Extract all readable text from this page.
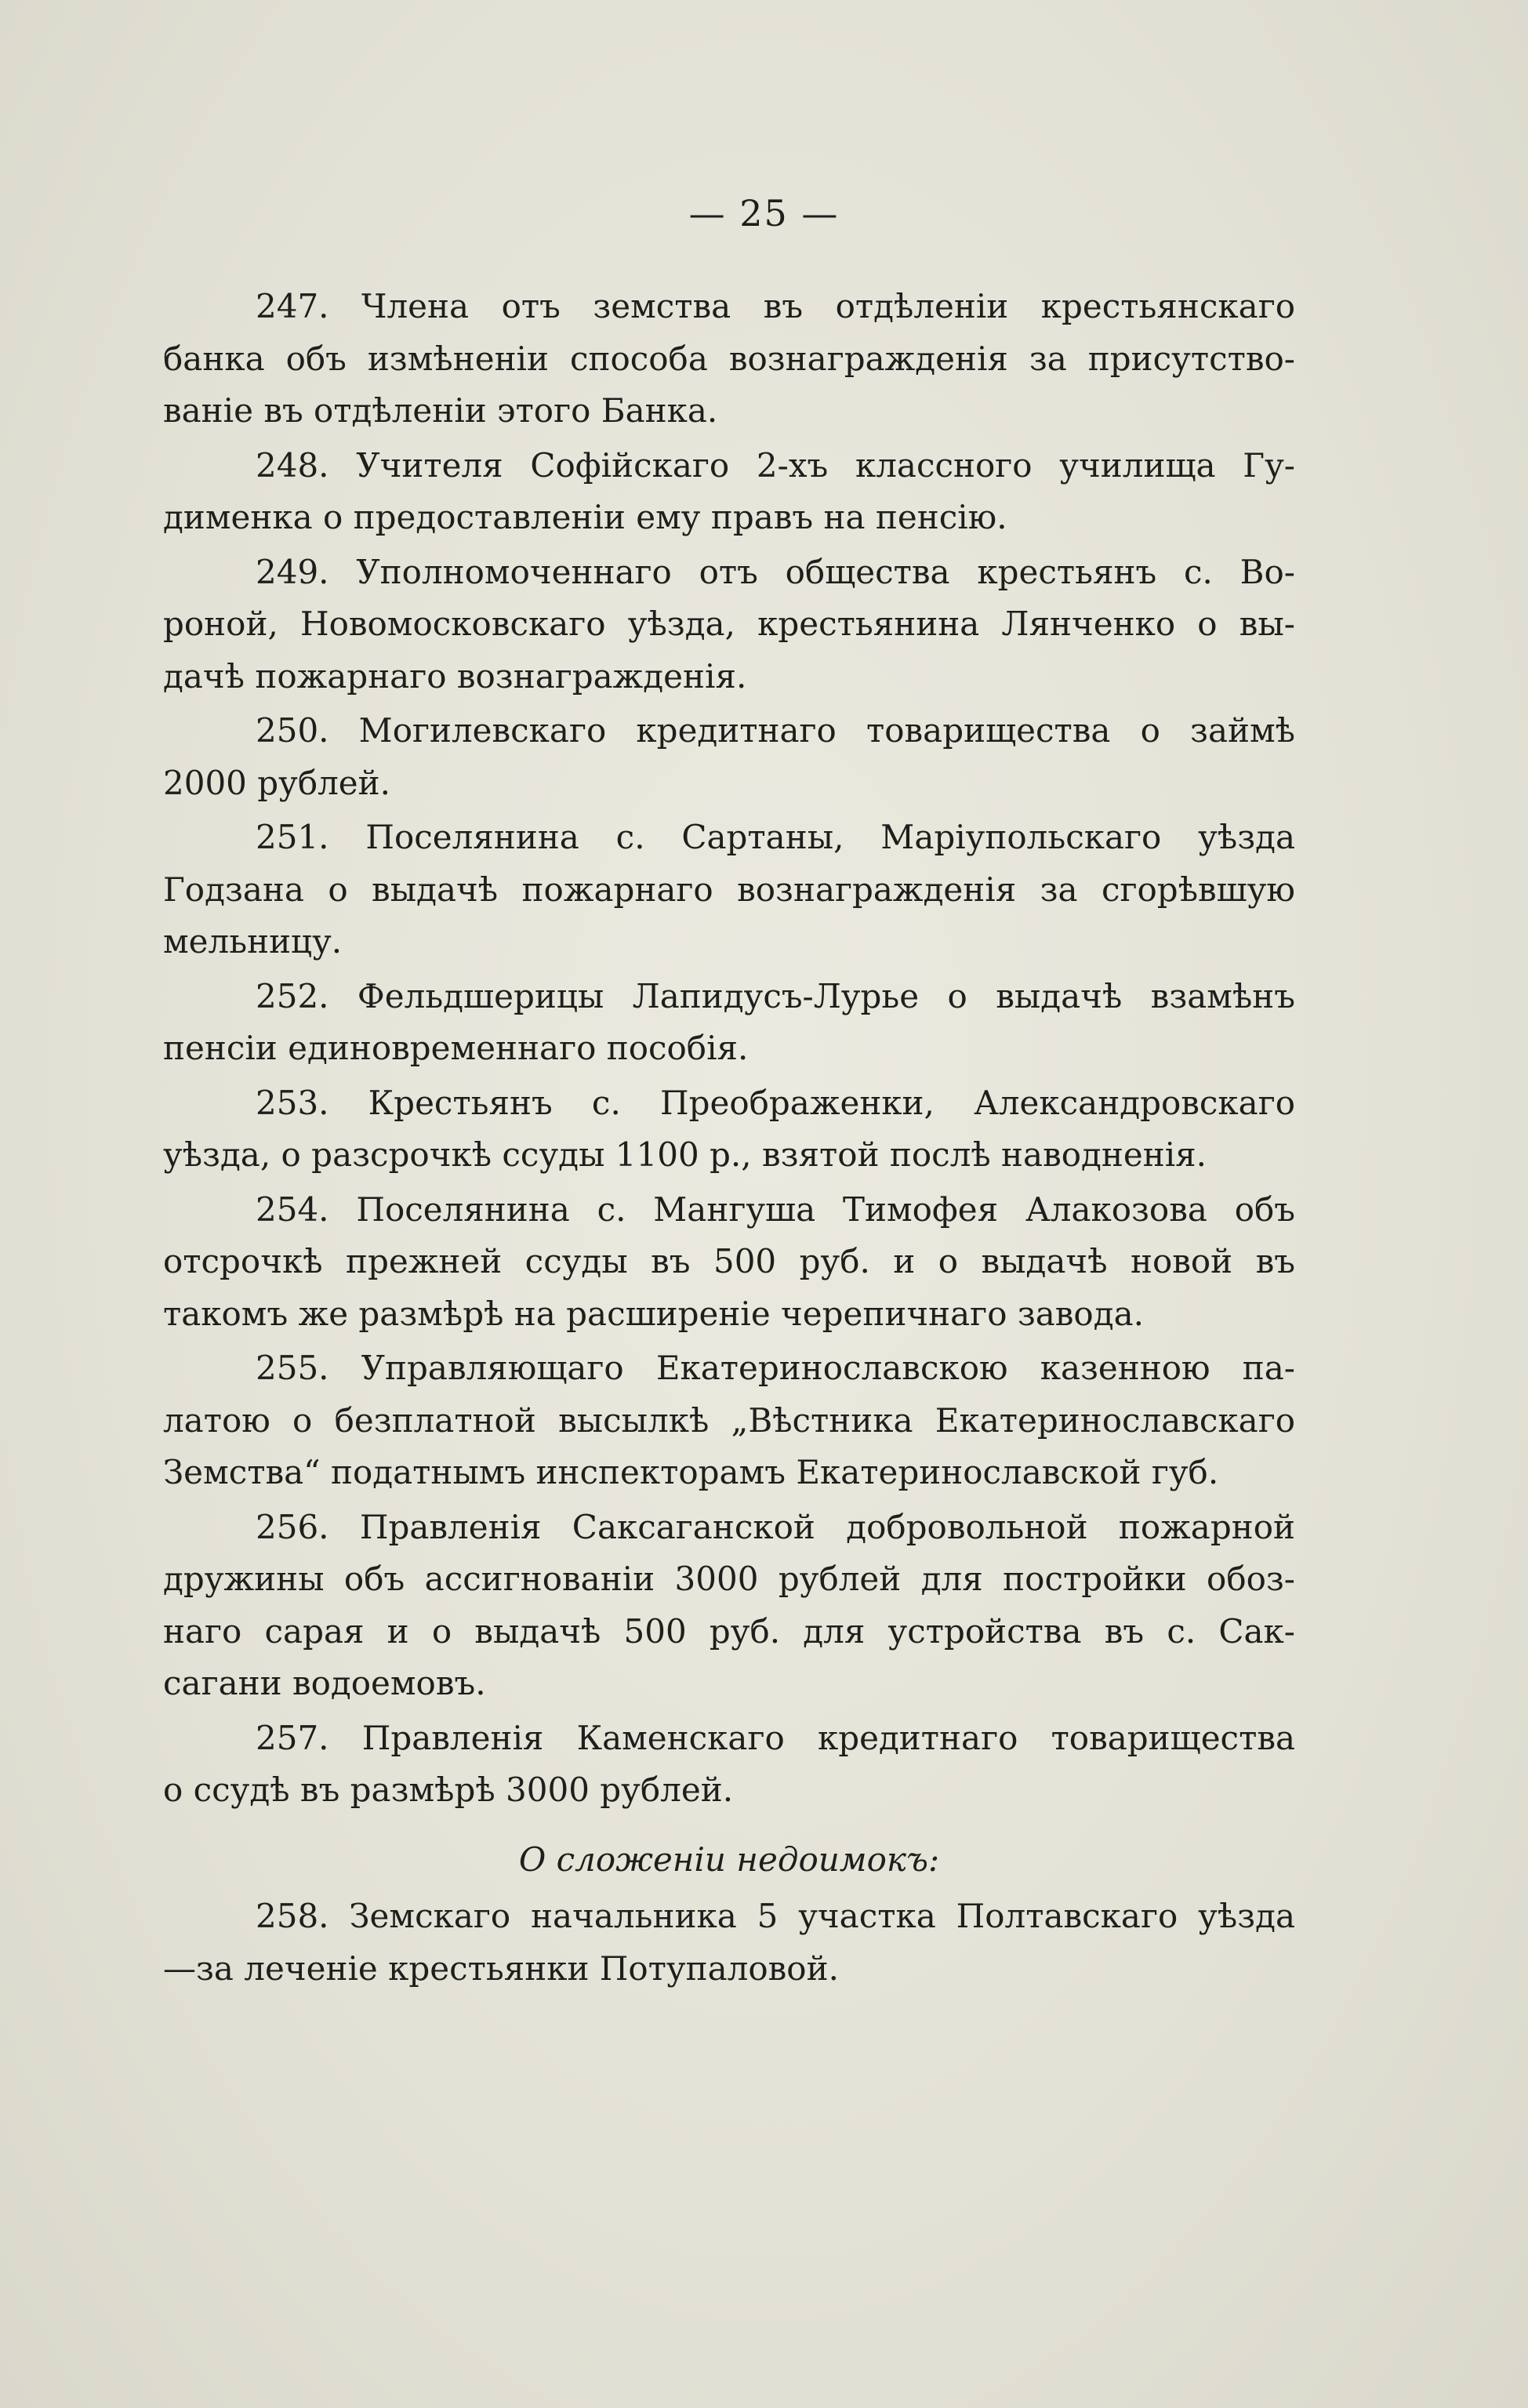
— 25 —
247. Члена отъ земства въ отдѣленiи крестьянскаго
банка объ измѣненiи способа вознагражденiя за присутство-
ванiе въ отдѣленiи этого Банка.
248. Учителя Софiйскаго 2-хъ классного училища Гу-
дименка о предоставленiи ему правъ на пенсiю.
249. Уполномоченнаго отъ общества крестьянъ с. Во-
роной, Новомосковскаго уѣзда, крестьянина Лянченко о вы-
дачѣ пожарнаго вознагражденiя.
250. Могилевскаго кредитнаго товарищества о займѣ
2000 рублей.
251. Поселянина с. Сартаны, Марiупольскаго уѣзда
Годзана о выдачѣ пожарнаго вознагражденiя за сгорѣвшую
мельницу.
252. Фельдшерицы Лапидусъ-Лурье о выдачѣ взамѣнъ
пенсiи единовременнаго пособiя.
253. Крестьянъ с. Преображенки, Александровскаго
уѣзда, о разсрочкѣ ссуды 1100 р., взятой послѣ наводненiя.
254. Поселянина с. Мангуша Тимофея Алакозова объ
отсрочкѣ прежней ссуды въ 500 руб. и о выдачѣ новой въ
такомъ же размѣрѣ на расширенiе черепичнаго завода.
255. Управляющаго Екатеринославскою казенною па-
латою о безплатной высылкѣ „Вѣстника Екатеринославскаго
Земства“ податнымъ инспекторамъ Екатеринославской губ.
256. Правленiя Саксаганской добровольной пожарной
дружины объ ассигнованiи 3000 рублей для постройки обоз-
наго сарая и о выдачѣ 500 руб. для устройства въ с. Сак-
сагани водоемовъ.
257. Правленiя Каменскаго кредитнаго товарищества
о ссудѣ въ размѣрѣ 3000 рублей.

О сложенiи недоимокъ:

258. Земскаго начальника 5 участка Полтавскаго уѣзда
—за леченiе крестьянки Потупаловой.
